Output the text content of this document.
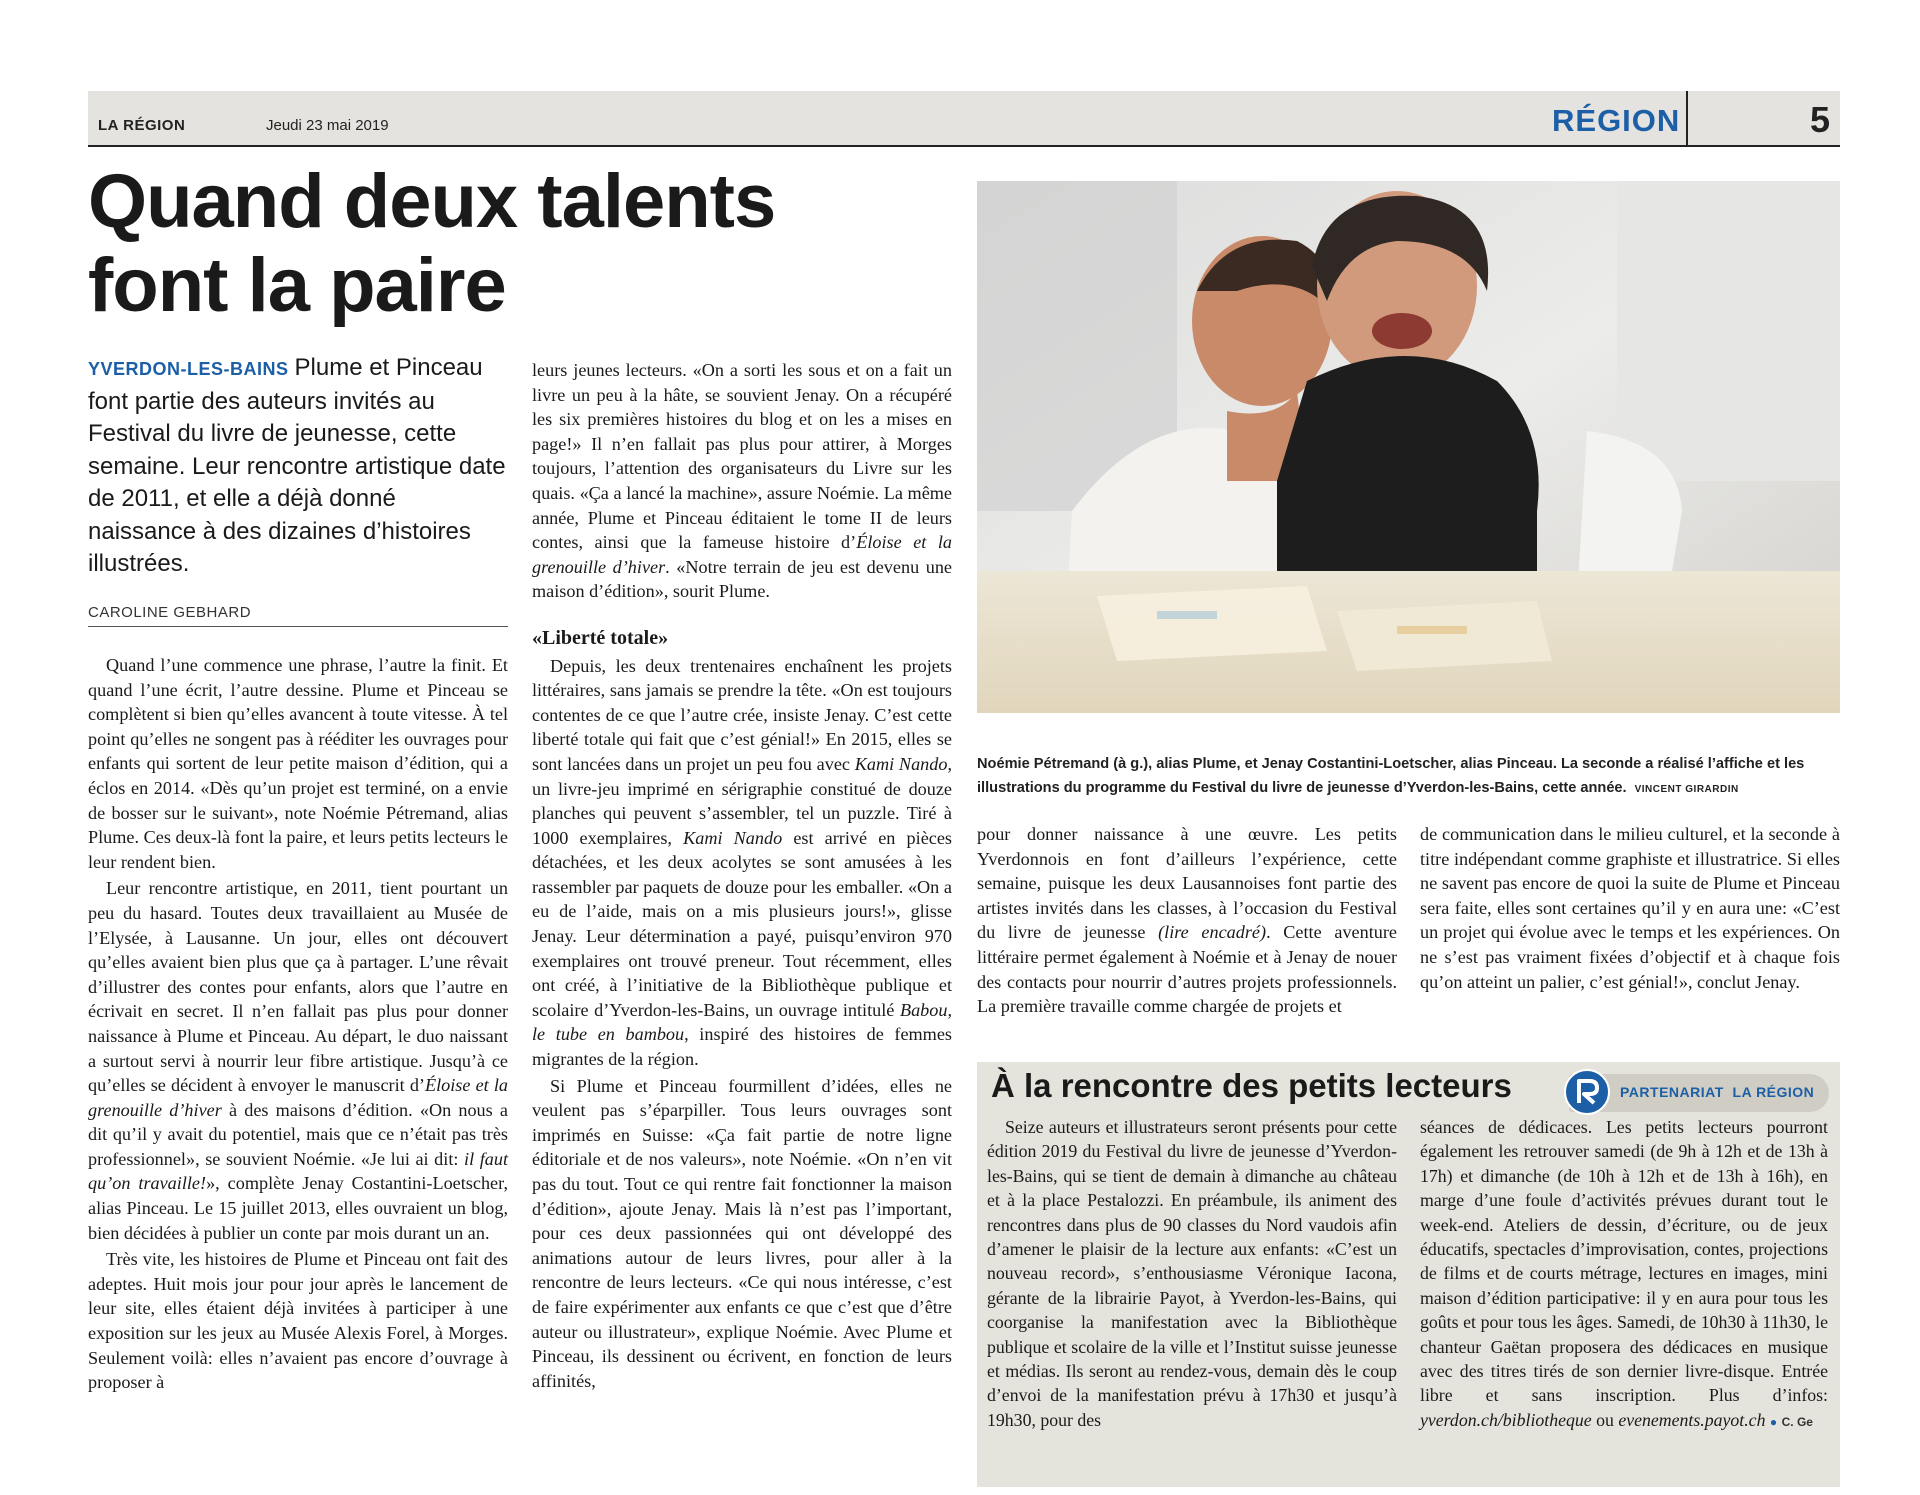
LA RÉGION	Jeudi 23 mai 2019	RÉGION	5
Quand deux talents
font la paire
YVERDON-LES-BAINS Plume et Pinceau font partie des auteurs invités au Festival du livre de jeunesse, cette semaine. Leur rencontre artistique date de 2011, et elle a déjà donné naissance à des dizaines d’histoires illustrées.
CAROLINE GEBHARD

Quand l’une commence une phrase, l’autre la finit. Et quand l’une écrit, l’autre dessine. Plume et Pinceau se complètent si bien qu’elles avancent à toute vitesse. À tel point qu’elles ne songent pas à rééditer les ouvrages pour enfants qui sortent de leur petite maison d’édition, qui a éclos en 2014. «Dès qu’un projet est terminé, on a envie de bosser sur le suivant», note Noémie Pétremand, alias Plume. Ces deux-là font la paire, et leurs petits lecteurs le leur rendent bien.

Leur rencontre artistique, en 2011, tient pourtant un peu du hasard. Toutes deux travaillaient au Musée de l’Elysée, à Lausanne. Un jour, elles ont découvert qu’elles avaient bien plus que ça à partager. L’une rêvait d’illustrer des contes pour enfants, alors que l’autre en écrivait en secret. Il n’en fallait pas plus pour donner naissance à Plume et Pinceau. Au départ, le duo naissant a surtout servi à nourrir leur fibre artistique. Jusqu’à ce qu’elles se décident à envoyer le manuscrit d’Éloise et la grenouille d’hiver à des maisons d’édition. «On nous a dit qu’il y avait du potentiel, mais que ce n’était pas très professionnel», se souvient Noémie. «Je lui ai dit: il faut qu’on travaille!», complète Jenay Costantini-Loetscher, alias Pinceau. Le 15 juillet 2013, elles ouvraient un blog, bien décidées à publier un conte par mois durant un an.

Très vite, les histoires de Plume et Pinceau ont fait des adeptes. Huit mois jour pour jour après le lancement de leur site, elles étaient déjà invitées à participer à une exposition sur les jeux au Musée Alexis Forel, à Morges. Seulement voilà: elles n’avaient pas encore d’ouvrage à proposer à

leurs jeunes lecteurs. «On a sorti les sous et on a fait un livre un peu à la hâte, se souvient Jenay. On a récupéré les six premières histoires du blog et on les a mises en page!» Il n’en fallait pas plus pour attirer, à Morges toujours, l’attention des organisateurs du Livre sur les quais. «Ça a lancé la machine», assure Noémie. La même année, Plume et Pinceau éditaient le tome II de leurs contes, ainsi que la fameuse histoire d’Éloise et la grenouille d’hiver. «Notre terrain de jeu est devenu une maison d’édition», sourit Plume.

«Liberté totale»

Depuis, les deux trentenaires enchaînent les projets littéraires, sans jamais se prendre la tête. «On est toujours contentes de ce que l’autre crée, insiste Jenay. C’est cette liberté totale qui fait que c’est génial!» En 2015, elles se sont lancées dans un projet un peu fou avec Kami Nando, un livre-jeu imprimé en sérigraphie constitué de douze planches qui peuvent s’assembler, tel un puzzle. Tiré à 1000 exemplaires, Kami Nando est arrivé en pièces détachées, et les deux acolytes se sont amusées à les rassembler par paquets de douze pour les emballer. «On a eu de l’aide, mais on a mis plusieurs jours!», glisse Jenay. Leur détermination a payé, puisqu’environ 970 exemplaires ont trouvé preneur. Tout récemment, elles ont créé, à l’initiative de la Bibliothèque publique et scolaire d’Yverdon-les-Bains, un ouvrage intitulé Babou, le tube en bambou, inspiré des histoires de femmes migrantes de la région.

Si Plume et Pinceau fourmillent d’idées, elles ne veulent pas s’éparpiller. Tous leurs ouvrages sont imprimés en Suisse: «Ça fait partie de notre ligne éditoriale et de nos valeurs», note Noémie. «On n’en vit pas du tout. Tout ce qui rentre fait fonctionner la maison d’édition», ajoute Jenay. Mais là n’est pas l’important, pour ces deux passionnées qui ont développé des animations autour de leurs livres, pour aller à la rencontre de leurs lecteurs. «Ce qui nous intéresse, c’est de faire expérimenter aux enfants ce que c’est que d’être auteur ou illustrateur», explique Noémie. Avec Plume et Pinceau, ils dessinent ou écrivent, en fonction de leurs affinités,

Noémie Pétremand (à g.), alias Plume, et Jenay Costantini-Loetscher, alias Pinceau. La seconde a réalisé l’affiche et les illustrations du programme du Festival du livre de jeunesse d’Yverdon-les-Bains, cette année. VINCENT GIRARDIN

pour donner naissance à une œuvre. Les petits Yverdonnois en font d’ailleurs l’expérience, cette semaine, puisque les deux Lausannoises font partie des artistes invités dans les classes, à l’occasion du Festival du livre de jeunesse (lire encadré). Cette aventure littéraire permet également à Noémie et à Jenay de nouer des contacts pour nourrir d’autres projets professionnels. La première travaille comme chargée de projets et

de communication dans le milieu culturel, et la seconde à titre indépendant comme graphiste et illustratrice. Si elles ne savent pas encore de quoi la suite de Plume et Pinceau sera faite, elles sont certaines qu’il y en aura une: «C’est un projet qui évolue avec le temps et les expériences. On ne s’est pas vraiment fixées d’objectif et à chaque fois qu’on atteint un palier, c’est génial!», conclut Jenay.

À la rencontre des petits lecteurs	PARTENARIAT  LA RÉGION

Seize auteurs et illustrateurs seront présents pour cette édition 2019 du Festival du livre de jeunesse d’Yverdon-les-Bains, qui se tient de demain à dimanche au château et à la place Pestalozzi. En préambule, ils animent des rencontres dans plus de 90 classes du Nord vaudois afin d’amener le plaisir de la lecture aux enfants: «C’est un nouveau record», s’enthousiasme Véronique Iacona, gérante de la librairie Payot, à Yverdon-les-Bains, qui coorganise la manifestation avec la Bibliothèque publique et scolaire de la ville et l’Institut suisse jeunesse et médias. Ils seront au rendez-vous, demain dès le coup d’envoi de la manifestation prévu à 17h30 et jusqu’à 19h30, pour des

séances de dédicaces. Les petits lecteurs pourront également les retrouver samedi (de 9h à 12h et de 13h à 17h) et dimanche (de 10h à 12h et de 13h à 16h), en marge d’une foule d’activités prévues durant tout le week-end. Ateliers de dessin, d’écriture, ou de jeux éducatifs, spectacles d’improvisation, contes, projections de films et de courts métrage, lectures en images, mini maison d’édition participative: il y en aura pour tous les goûts et pour tous les âges. Samedi, de 10h30 à 11h30, le chanteur Gaëtan proposera des dédicaces en musique avec des titres tirés de son dernier livre-disque. Entrée libre et sans inscription. Plus d’infos: yverdon.ch/bibliotheque ou evenements.payot.ch ● C. Ge
